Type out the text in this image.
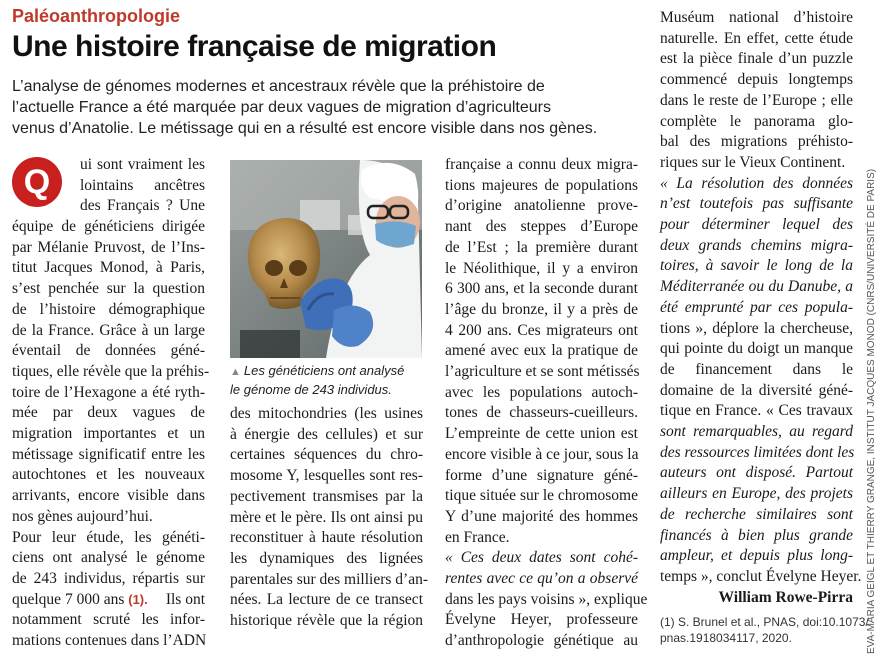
Paléoanthropologie
Une histoire française de migration
L’analyse de génomes modernes et ancestraux révèle que la préhistoire de
l’actuelle France a été marquée par deux vagues de migration d’agriculteurs
venus d’Anatolie. Le métissage qui en a résulté est encore visible dans nos gènes.
Q	ui sont vraiment les
lointains ancêtres
des Français ? Une
équipe de généticiens dirigée
par Mélanie Pruvost, de l’Ins-
titut Jacques Monod, à Paris,
s’est penchée sur la question
de l’histoire démographique
de la France. Grâce à un large
éventail de données géné-
tiques, elle révèle que la préhis-
toire de l’Hexagone a été ryth-
mée par deux vagues de
migration importantes et un
métissage significatif entre les
autochtones et les nouveaux
arrivants, encore visible dans
nos gènes aujourd’hui.
Pour leur étude, les généti-
ciens ont analysé le génome
de 243 individus, répartis sur
quelque 7 000 ans (1). Ils ont
notamment scruté les infor-
mations contenues dans l’ADN
▲ Les généticiens ont analysé
le génome de 243 individus.
des mitochondries (les usines
à énergie des cellules) et sur
certaines séquences du chro-
mosome Y, lesquelles sont res-
pectivement transmises par la
mère et le père. Ils ont ainsi pu
reconstituer à haute résolution
les dynamiques des lignées
parentales sur des milliers d’an-
nées. La lecture de ce transect
historique révèle que la région
française a connu deux migra-
tions majeures de populations
d’origine anatolienne prove-
nant des steppes d’Europe
de l’Est ; la première durant
le Néolithique, il y a environ
6 300 ans, et la seconde durant
l’âge du bronze, il y a près de
4 200 ans. Ces migrateurs ont
amené avec eux la pratique de
l’agriculture et se sont métissés
avec les populations autoch-
tones de chasseurs-cueilleurs.
L’empreinte de cette union est
encore visible à ce jour, sous la
forme d’une signature géné-
tique située sur le chromosome
Y d’une majorité des hommes
en France.
« Ces deux dates sont cohé-
rentes avec ce qu’on a observé
dans les pays voisins », explique
Évelyne Heyer, professeure
d’anthropologie génétique au
Muséum national d’histoire
naturelle. En effet, cette étude
est la pièce finale d’un puzzle
commencé depuis longtemps
dans le reste de l’Europe ; elle
complète le panorama glo-
bal des migrations préhisto-
riques sur le Vieux Continent.
« La résolution des données
n’est toutefois pas suffisante
pour déterminer lequel des
deux grands chemins migra-
toires, à savoir le long de la
Méditerranée ou du Danube, a
été emprunté par ces popula-
tions », déplore la chercheuse,
qui pointe du doigt un manque
de financement dans le
domaine de la diversité géné-
tique en France. « Ces travaux
sont remarquables, au regard
des ressources limitées dont les
auteurs ont disposé. Partout
ailleurs en Europe, des projets
de recherche similaires sont
financés à bien plus grande
ampleur, et depuis plus long-
temps », conclut Évelyne Heyer.
William Rowe-Pirra
(1) S. Brunel et al., PNAS, doi:10.1073/
pnas.1918034117, 2020.	EVA-MARIA GEIGL ET THIERRY GRANGE, INSTITUT JACQUES MONOD (CNRS/UNIVERSITÉ DE PARIS)
